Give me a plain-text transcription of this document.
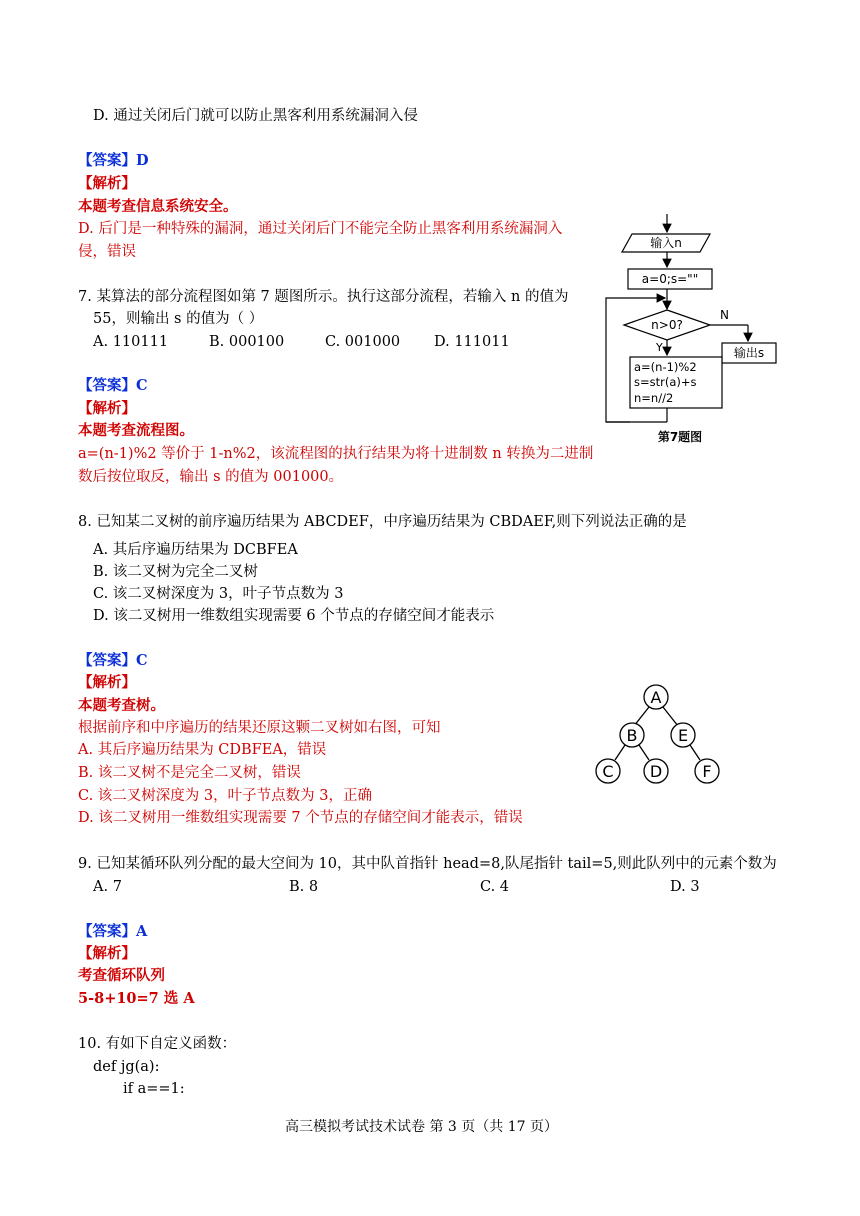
D. 通过关闭后门就可以防止黑客利用系统漏洞入侵
【答案】D
【解析】
本题考查信息系统安全。
D. 后门是一种特殊的漏洞，通过关闭后门不能完全防止黑客利用系统漏洞入
侵，错误
7. 某算法的部分流程图如第 7 题图所示。执行这部分流程，若输入 n 的值为
55，则输出 s 的值为（ ）
A. 110111	B. 000100	C. 001000 D. 111011
【答案】C
【解析】
本题考查流程图。
a=(n-1)%2 等价于 1-n%2，该流程图的执行结果为将十进制数 n 转换为二进制
数后按位取反，输出 s 的值为 001000。
输入n
a=0;s=""
n>0?
N
输出s
Y
a=(n-1)%2
s=str(a)+s
n=n//2
第7题图
8. 已知某二叉树的前序遍历结果为 ABCDEF，中序遍历结果为 CBDAEF,则下列说法正确的是
A. 其后序遍历结果为 DCBFEA
B. 该二叉树为完全二叉树
C. 该二叉树深度为 3，叶子节点数为 3
D. 该二叉树用一维数组实现需要 6 个节点的存储空间才能表示
【答案】C
【解析】
本题考查树。
根据前序和中序遍历的结果还原这颗二叉树如右图，可知
A. 其后序遍历结果为 CDBFEA，错误
B. 该二叉树不是完全二叉树，错误
C. 该二叉树深度为 3，叶子节点数为 3，正确
D. 该二叉树用一维数组实现需要 7 个节点的存储空间才能表示，错误
A
B	E
C D	F
9. 已知某循环队列分配的最大空间为 10，其中队首指针 head=8,队尾指针 tail=5,则此队列中的元素个数为
A. 7	B. 8	C. 4	D. 3
【答案】A
【解析】
考查循环队列
5-8+10=7 选 A
10. 有如下自定义函数：
def jg(a):
if a==1:
高三模拟考试技术试卷 第 3 页（共 17 页）
